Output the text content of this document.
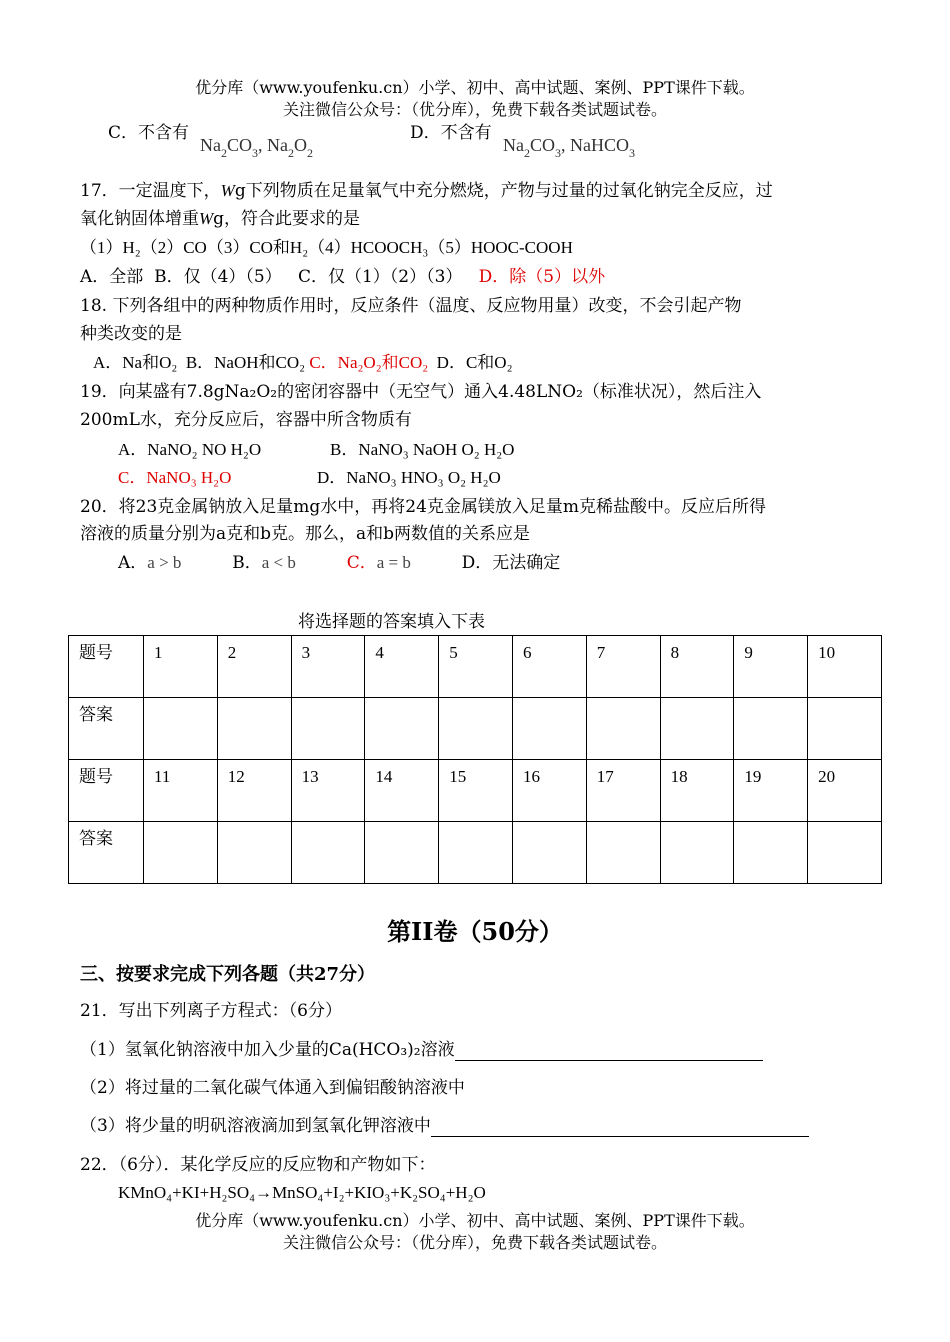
优分库（www.youfenku.cn）小学、初中、高中试题、案例、PPT课件下载。
关注微信公众号：（优分库），免费下载各类试题试卷。
C．不含有
$Na_2CO_3$, $Na_2O_2$
D．不含有
$Na_2CO_3$, NaHCO$_3$
17．一定温度下，Wg下列物质在足量氧气中充分燃烧，产物与过量的过氧化钠完全反应，过
氧化钠固体增重Wg，符合此要求的是
（1）H₂（2）CO（3）CO和H₂（4）HCOOCH₃（5）HOOC-COOH
A．全部 B．仅（4）（5） C．仅（1）（2）（3） D．除（5）以外
18. 下列各组中的两种物质作用时，反应条件（温度、反应物用量）改变，不会引起产物
种类改变的是
A．Na和O₂ B．NaOH和CO₂ C．Na₂O₂和CO₂ D．C和O₂
19．向某盛有7.8gNa₂O₂的密闭容器中（无空气）通入4.48LNO₂（标准状况），然后注入
200mL水，充分反应后，容器中所含物质有
A．NaNO₂ NO H₂O	B．NaNO₃ NaOH O₂ H₂O
C．NaNO₃ H₂O	D．NaNO₃ HNO₃ O₂ H₂O
20．将23克金属钠放入足量mg水中，再将24克金属镁放入足量m克稀盐酸中。反应后所得
溶液的质量分别为a克和b克。那么，a和b两数值的关系应是
A．a > b	B．a < b	C．a = b	D．无法确定
将选择题的答案填入下表
题号	1	2	3	4	5	6	7	8	9	10
答案										
题号	11	12	13	14	15	16	17	18	19	20
答案										
第II卷（50分）
三、按要求完成下列各题（共27分）
21．写出下列离子方程式：（6分）
（1）氢氧化钠溶液中加入少量的Ca(HCO₃)₂溶液
（2）将过量的二氧化碳气体通入到偏铝酸钠溶液中
（3）将少量的明矾溶液滴加到氢氧化钾溶液中
22．（6分）．某化学反应的反应物和产物如下：
KMnO₄+KI+H₂SO₄→MnSO₄+I₂+KIO₃+K₂SO₄+H₂O
优分库（www.youfenku.cn）小学、初中、高中试题、案例、PPT课件下载。
关注微信公众号：（优分库），免费下载各类试题试卷。
